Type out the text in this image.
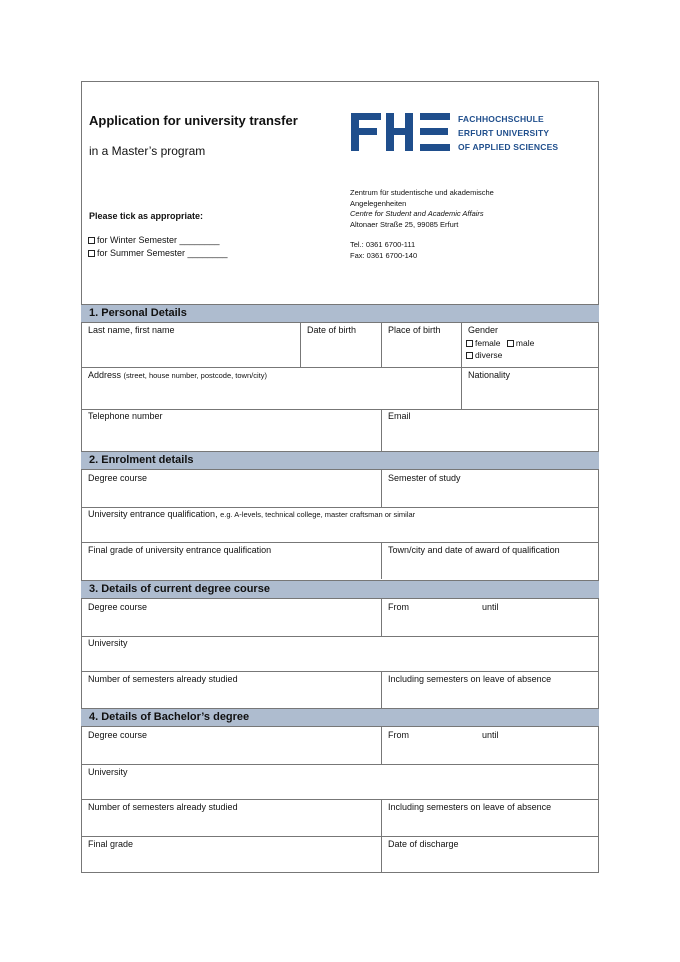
Application for university transfer
in a Master’s program
Please tick as appropriate:
for Winter Semester ________
for Summer Semester ________
FACHHOCHSCHULE
ERFURT UNIVERSITY
OF APPLIED SCIENCES
Zentrum für studentische und akademische
Angelegenheiten
Centre for Student and Academic Affairs
Altonaer Straße 25, 99085 Erfurt
Tel.: 0361 6700-111
Fax: 0361 6700-140
1. Personal Details
Last name, first name	Date of birth	Place of birth	Gender
female male
diverse
Address (street, house number, postcode, town/city)	Nationality
Telephone number	Email
2. Enrolment details
Degree course	Semester of study
University entrance qualification, e.g. A-levels, technical college, master craftsman or similar
Final grade of university entrance qualification	Town/city and date of award of qualification
3. Details of current degree course
Degree course	From	until
University
Number of semesters already studied	Including semesters on leave of absence
4. Details of Bachelor’s degree
Degree course	From	until
University
Number of semesters already studied	Including semesters on leave of absence
Final grade	Date of discharge
